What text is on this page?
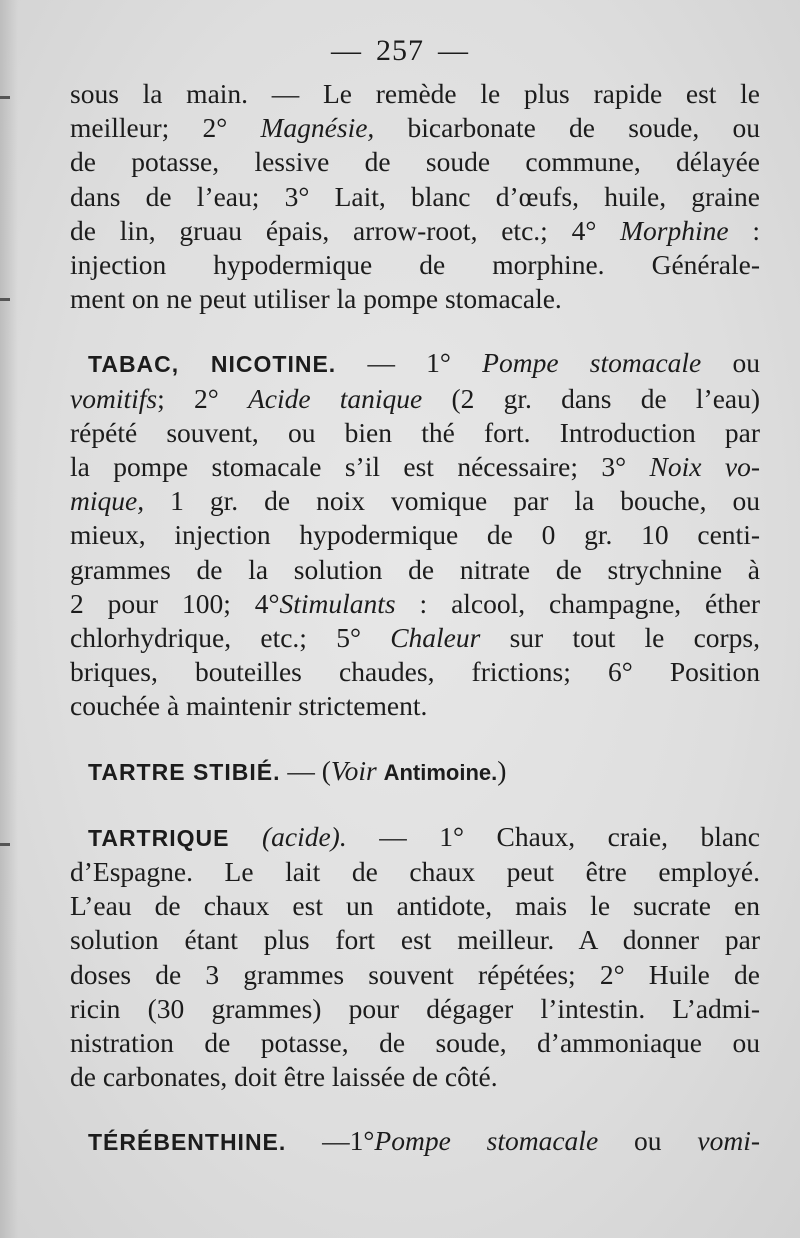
— 257 —
sous la main. — Le remède le plus rapide est le
meilleur; 2° Magnésie, bicarbonate de soude, ou
de potasse, lessive de soude commune, délayée
dans de l’eau; 3° Lait, blanc d’œufs, huile, graine
de lin, gruau épais, arrow-root, etc.; 4° Morphine :
injection hypodermique de morphine. Générale-
ment on ne peut utiliser la pompe stomacale.
TABAC, NICOTINE. — 1° Pompe stomacale ou
vomitifs; 2° Acide tanique (2 gr. dans de l’eau)
répété souvent, ou bien thé fort. Introduction par
la pompe stomacale s’il est nécessaire; 3° Noix vo-
mique, 1 gr. de noix vomique par la bouche, ou
mieux, injection hypodermique de 0 gr. 10 centi-
grammes de la solution de nitrate de strychnine à
2 pour 100; 4°Stimulants : alcool, champagne, éther
chlorhydrique, etc.; 5° Chaleur sur tout le corps,
briques, bouteilles chaudes, frictions; 6° Position
couchée à maintenir strictement.
TARTRE STIBIÉ. — (Voir Antimoine.)
TARTRIQUE (acide). — 1° Chaux, craie, blanc
d’Espagne. Le lait de chaux peut être employé.
L’eau de chaux est un antidote, mais le sucrate en
solution étant plus fort est meilleur. A donner par
doses de 3 grammes souvent répétées; 2° Huile de
ricin (30 grammes) pour dégager l’intestin. L’admi-
nistration de potasse, de soude, d’ammoniaque ou
de carbonates, doit être laissée de côté.
TÉRÉBENTHINE. —1°Pompe stomacale ou vomi-
